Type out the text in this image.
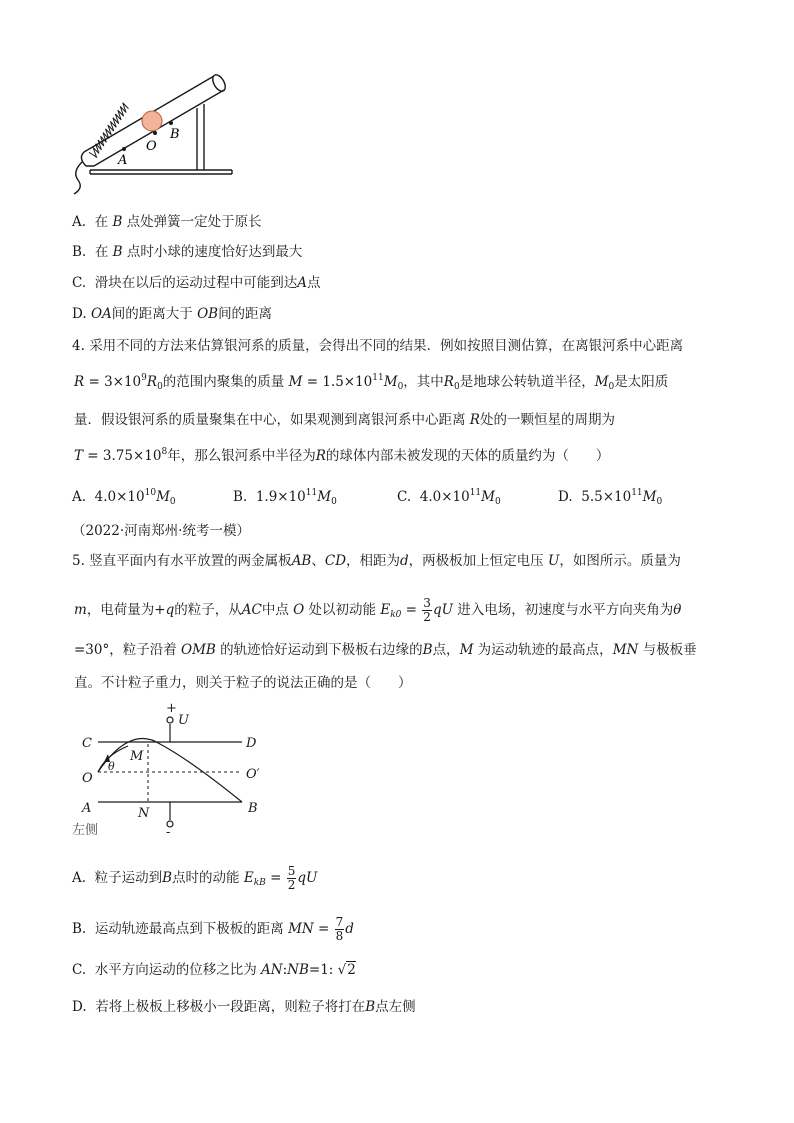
A
O
B
A. 在 B 点处弹簧一定处于原长
B. 在 B 点时小球的速度恰好达到最大
C. 滑块在以后的运动过程中可能到达A点
D. OA间的距离大于 OB间的距离
4. 采用不同的方法来估算银河系的质量，会得出不同的结果．例如按照目测估算，在离银河系中心距离
$R = 3\times 10^9R_0$的范围内聚集的质量 $M = 1.5\times 10^{11}M_0$，其中$R_0$是地球公转轨道半径，$M_0$是太阳质
量．假设银河系的质量聚集在中心，如果观测到离银河系中心距离 R处的一颗恒星的周期为
$T = 3.75\times 10^8$年，那么银河系中半径为R的球体内部未被发现的天体的质量约为（　　）
A. $4.0\times 10^{10}M_0$	B. $1.9\times 10^{11}M_0$	C. $4.0\times 10^{11}M_0$	D. $5.5\times 10^{11}M_0$
（2022·河南郑州·统考一模）
5. 竖直平面内有水平放置的两金属板AB、CD，相距为d，两极板加上恒定电压 U，如图所示。质量为
m，电荷量为+q的粒子，从AC中点 O 处以初动能 $E_{k0} = \frac{3}{2}$ qU 进入电场，初速度与水平方向夹角为θ
=30°，粒子沿着 OMB 的轨迹恰好运动到下极板右边缘的B点，M 为运动轨迹的最高点，MN 与极板垂
直。不计粒子重力，则关于粒子的说法正确的是（　　）
+
U
C	D
M
θ
O	O′
A	N	B
-
左侧
A. 粒子运动到B点时的动能 $E_{kB} = \frac{5}{2}$ qU
B. 运动轨迹最高点到下极板的距离 MN = $\frac{7}{8}$ d
C. 水平方向运动的位移之比为 AN:NB=1: √2
D. 若将上极板上移极小一段距离，则粒子将打在B点左侧
